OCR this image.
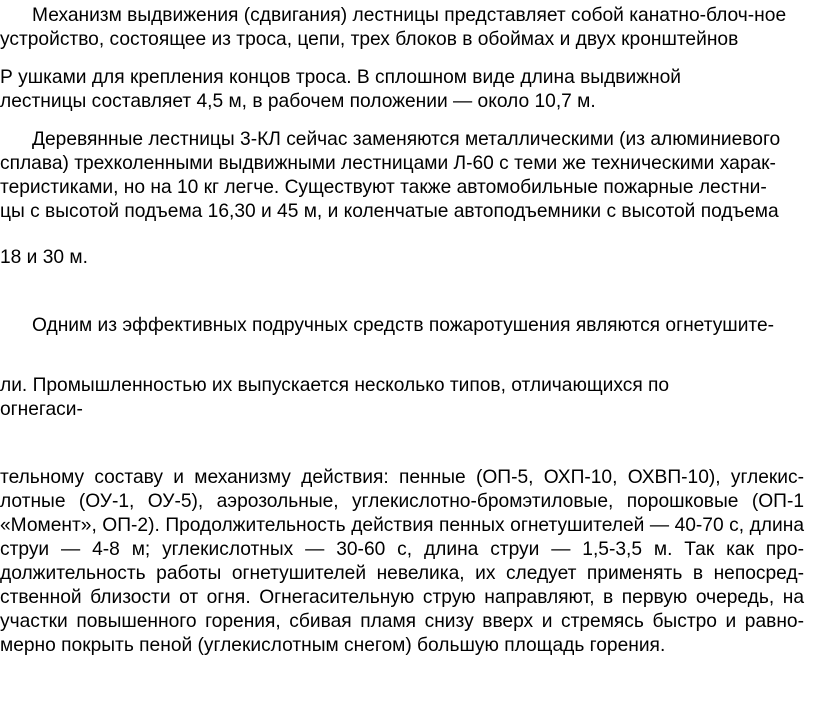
Механизм выдвижения (сдвигания) лестницы представляет собой канатно-блоч-ное

устройство, состоящее из троса, цепи, трех блоков в обоймах и двух кронштейнов

Р ушками для крепления концов троса. В сплошном виде длина выдвижной

лестницы составляет 4,5 м, в рабочем положении — около 10,7 м.

Деревянные лестницы 3-КЛ сейчас заменяются металлическими (из алюминиевого

сплава) трехколенными выдвижными лестницами Л-60 с теми же техническими харак-

теристиками, но на 10 кг легче. Существуют также автомобильные пожарные лестни-

цы с высотой подъема 16,30 и 45 м, и коленчатые автоподъемники с высотой подъема

18 и 30 м.

Одним из эффективных подручных средств пожаротушения являются огнетушите-

ли. Промышленностью их выпускается несколько типов, отличающихся по

огнегаси-

тельному составу и механизму действия: пенные (ОП-5, ОХП-10, ОХВП-10), углекис-лотные (ОУ-1, ОУ-5), аэрозольные, углекислотно-бромэтиловые, порошковые (ОП-1 «Момент», ОП-2). Продолжительность действия пенных огнетушителей — 40-70 с, длина струи — 4-8 м; углекислотных — 30-60 с, длина струи — 1,5-3,5 м. Так как про-должительность работы огнетушителей невелика, их следует применять в непосред-ственной близости от огня. Огнегасительную струю направляют, в первую очередь, на участки повышенного горения, сбивая пламя снизу вверх и стремясь быстро и равно-мерно покрыть пеной (углекислотным снегом) большую площадь горения.
